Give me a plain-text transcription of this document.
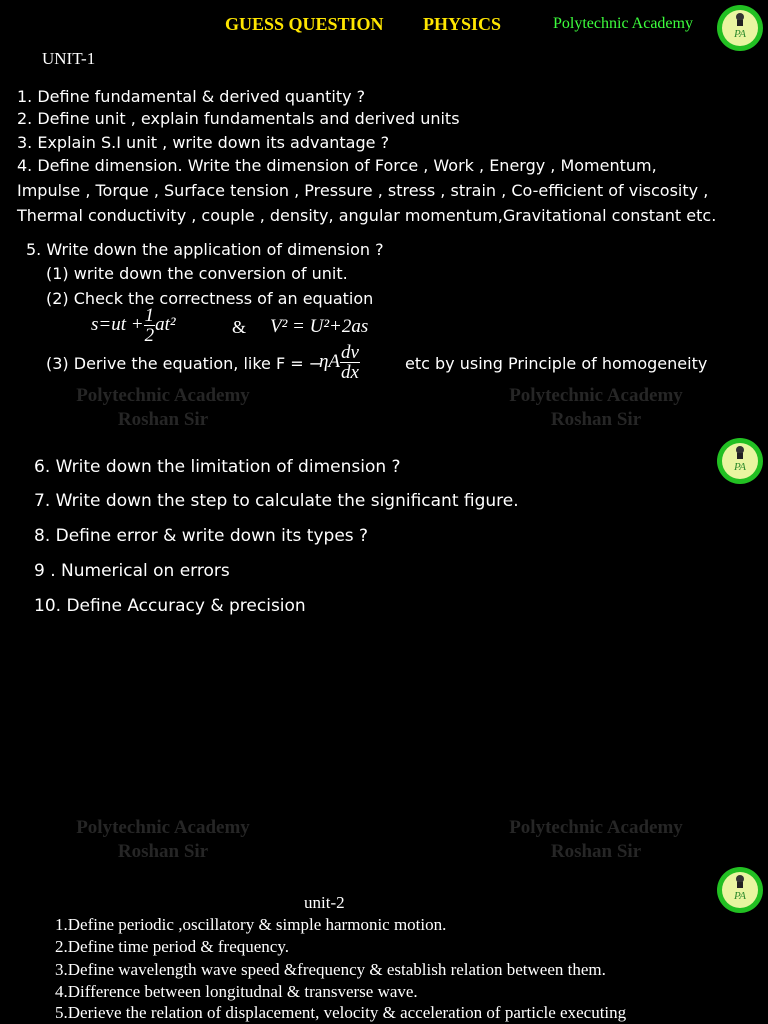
GUESS QUESTION PHYSICS	Polytechnic Academy
PA
PA
PA
UNIT-1
1. Define fundamental & derived quantity ?
2. Define unit , explain fundamentals and derived units
3. Explain S.I unit , write down its advantage ?
4. Define dimension. Write the dimension of Force , Work , Energy , Momentum,
Impulse , Torque , Surface tension , Pressure , stress , strain , Co-efficient of viscosity ,
Thermal conductivity , couple , density, angular momentum,Gravitational constant etc.
5. Write down the application of dimension ?
(1) write down the conversion of unit.
(2) Check the correctness of an equation
$s=ut + \frac{1}{2} at^2$	& V² = U²+2as
(3) Derive the equation, like F = −
ηA $\frac{dv}{dx}$	etc by using Principle of homogeneity
Polytechnic Academy
Roshan Sir
Polytechnic Academy
Roshan Sir
6. Write down the limitation of dimension ?
7. Write down the step to calculate the significant figure.
8. Define error & write down its types ?
9 . Numerical on errors
10. Define Accuracy & precision
Polytechnic Academy
Roshan Sir
Polytechnic Academy
Roshan Sir
unit-2
1.Define periodic ,oscillatory & simple harmonic motion.
2.Define time period & frequency.
3.Define wavelength wave speed &frequency & establish relation between them.
4.Difference between longitudnal & transverse wave.
5.Derieve the relation of displacement, velocity & acceleration of particle executing
